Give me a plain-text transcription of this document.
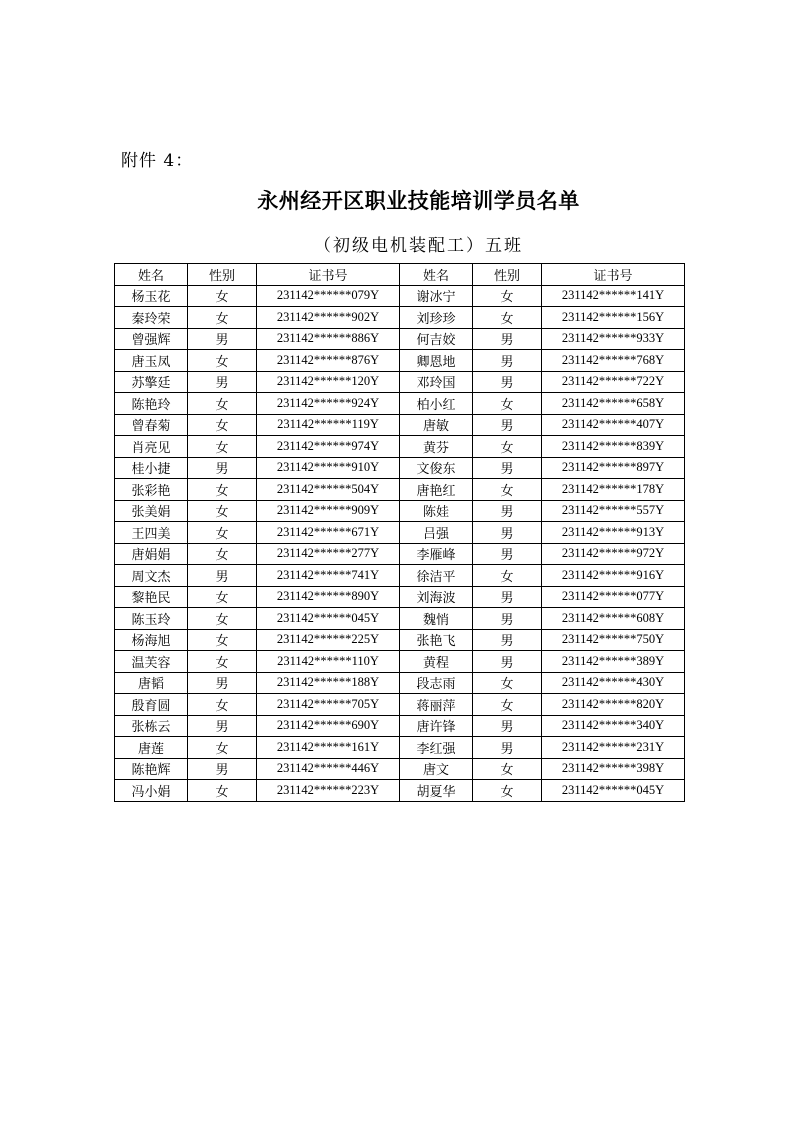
附件 4：
永州经开区职业技能培训学员名单
（初级电机装配工）五班
姓名	性别	证书号	姓名	性别	证书号
杨玉花	女	231142******079Y	谢冰宁	女	231142******141Y
秦玲荣	女	231142******902Y	刘珍珍	女	231142******156Y
曾强辉	男	231142******886Y	何吉姣	男	231142******933Y
唐玉凤	女	231142******876Y	卿恩地	男	231142******768Y
苏擎廷	男	231142******120Y	邓玲国	男	231142******722Y
陈艳玲	女	231142******924Y	柏小红	女	231142******658Y
曾春菊	女	231142******119Y	唐敏	男	231142******407Y
肖亮见	女	231142******974Y	黄芬	女	231142******839Y
桂小捷	男	231142******910Y	文俊东	男	231142******897Y
张彩艳	女	231142******504Y	唐艳红	女	231142******178Y
张美娟	女	231142******909Y	陈娃	男	231142******557Y
王四美	女	231142******671Y	吕强	男	231142******913Y
唐娟娟	女	231142******277Y	李雁峰	男	231142******972Y
周文杰	男	231142******741Y	徐洁平	女	231142******916Y
黎艳民	女	231142******890Y	刘海波	男	231142******077Y
陈玉玲	女	231142******045Y	魏悄	男	231142******608Y
杨海旭	女	231142******225Y	张艳飞	男	231142******750Y
温芙容	女	231142******110Y	黄程	男	231142******389Y
唐韬	男	231142******188Y	段志雨	女	231142******430Y
殷育圆	女	231142******705Y	蒋丽萍	女	231142******820Y
张栋云	男	231142******690Y	唐许锋	男	231142******340Y
唐莲	女	231142******161Y	李红强	男	231142******231Y
陈艳辉	男	231142******446Y	唐文	女	231142******398Y
冯小娟	女	231142******223Y	胡夏华	女	231142******045Y
